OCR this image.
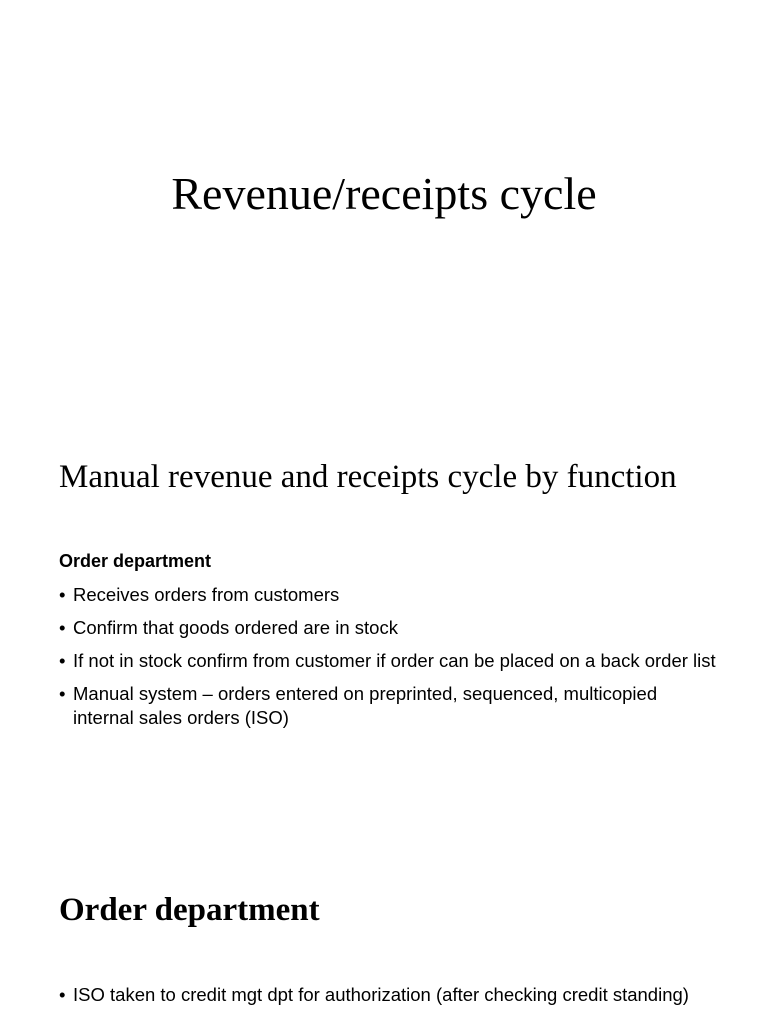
Revenue/receipts cycle
Manual revenue and receipts cycle by function
Order department
• Receives orders from customers
• Confirm that goods ordered are in stock
• If not in stock confirm from customer if order can be placed on a back order list
• Manual system – orders entered on preprinted, sequenced, multicopied internal sales orders (ISO)
Order department
• ISO taken to credit mgt dpt for authorization (after checking credit standing)
